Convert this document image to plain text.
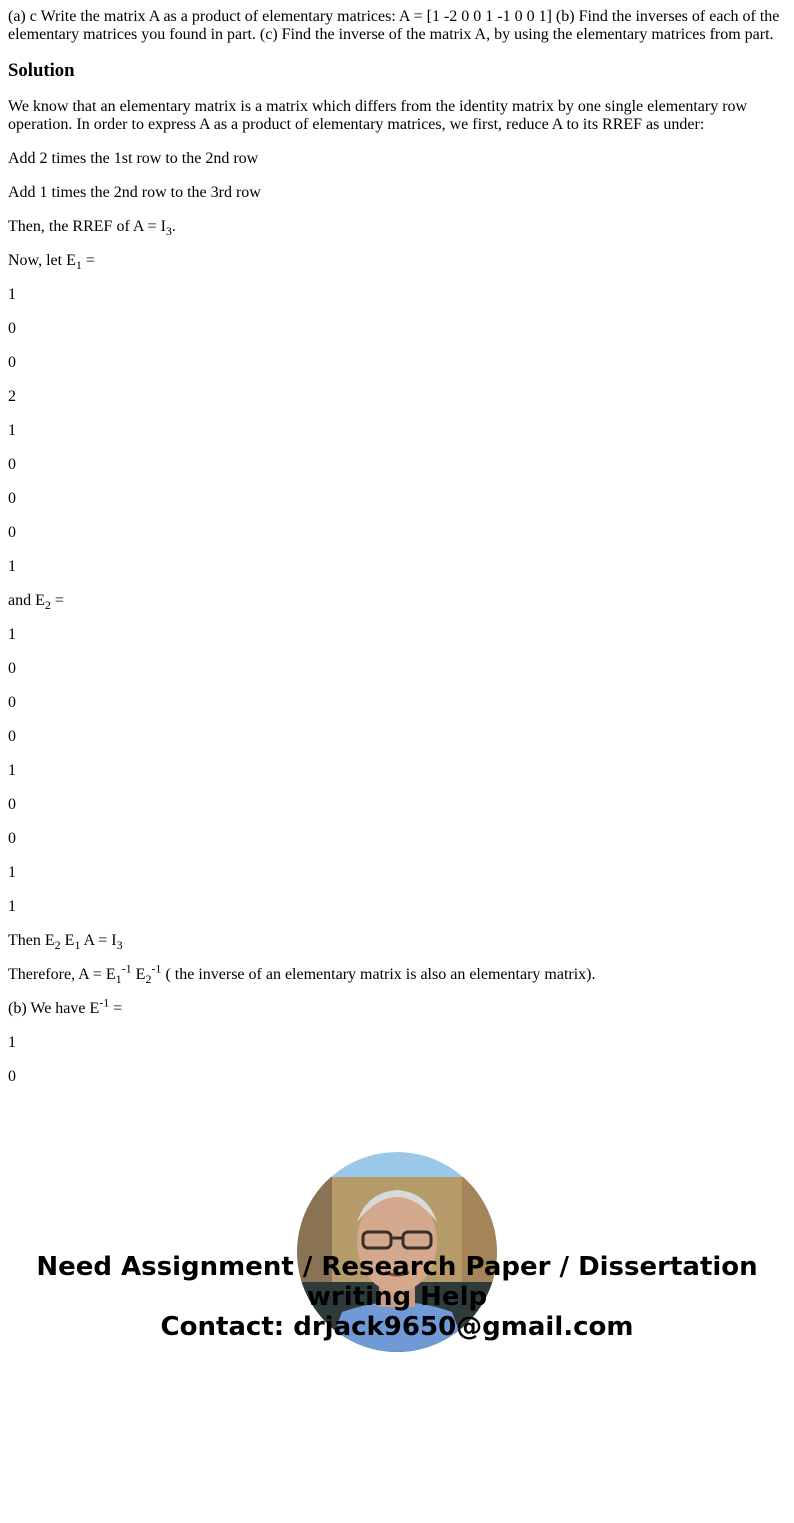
(a) c Write the matrix A as a product of elementary matrices: A = [1 -2 0 0 1 -1 0 0 1] (b) Find the inverses of each of the elementary matrices you found in part. (c) Find the inverse of the matrix A, by using the elementary matrices from part.

Solution

We know that an elementary matrix is a matrix which differs from the identity matrix by one single elementary row operation. In order to express A as a product of elementary matrices, we first, reduce A to its RREF as under:

Add 2 times the 1st row to the 2nd row

Add 1 times the 2nd row to the 3rd row

Then, the RREF of $A = I_3$.

Now, let $E_1$ =

1

0

0

2

1

0

0

0

1

and $E_2$ =

1

0

0

0

1

0

0

1

1

Then $E_2$ $E_1$ $A = I_3$

Therefore, $A = E_1^{-1}$ $E_2^{-1}$ ( the inverse of an elementary matrix is also an elementary matrix).

(b) We have $E^{-1}$ =

1

0

Need Assignment / Research Paper / Dissertation
writing Help
Contact: drjack9650@gmail.com
